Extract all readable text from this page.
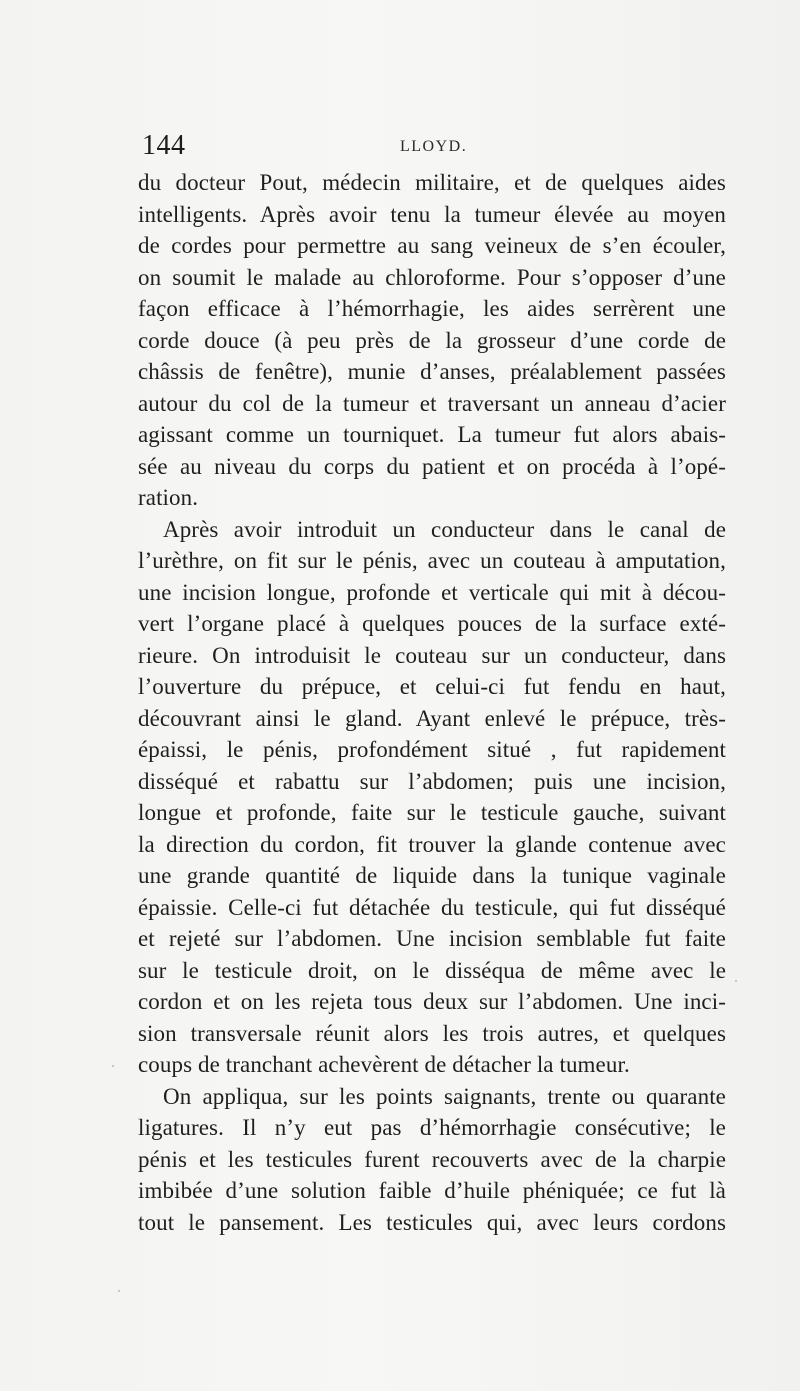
144	LLOYD.
du docteur Pout, médecin militaire, et de quelques aides
intelligents. Après avoir tenu la tumeur élevée au moyen
de cordes pour permettre au sang veineux de s’en écouler,
on soumit le malade au chloroforme. Pour s’opposer d’une
façon efficace à l’hémorrhagie, les aides serrèrent une
corde douce (à peu près de la grosseur d’une corde de
châssis de fenêtre), munie d’anses, préalablement passées
autour du col de la tumeur et traversant un anneau d’acier
agissant comme un tourniquet. La tumeur fut alors abais-
sée au niveau du corps du patient et on procéda à l’opé-
ration.
Après avoir introduit un conducteur dans le canal de
l’urèthre, on fit sur le pénis, avec un couteau à amputation,
une incision longue, profonde et verticale qui mit à décou-
vert l’organe placé à quelques pouces de la surface exté-
rieure. On introduisit le couteau sur un conducteur, dans
l’ouverture du prépuce, et celui-ci fut fendu en haut,
découvrant ainsi le gland. Ayant enlevé le prépuce, très-
épaissi, le pénis, profondément situé , fut rapidement
disséqué et rabattu sur l’abdomen; puis une incision,
longue et profonde, faite sur le testicule gauche, suivant
la direction du cordon, fit trouver la glande contenue avec
une grande quantité de liquide dans la tunique vaginale
épaissie. Celle-ci fut détachée du testicule, qui fut disséqué
et rejeté sur l’abdomen. Une incision semblable fut faite
sur le testicule droit, on le disséqua de même avec le
cordon et on les rejeta tous deux sur l’abdomen. Une inci-
sion transversale réunit alors les trois autres, et quelques
coups de tranchant achevèrent de détacher la tumeur.
On appliqua, sur les points saignants, trente ou quarante
ligatures. Il n’y eut pas d’hémorrhagie consécutive; le
pénis et les testicules furent recouverts avec de la charpie
imbibée d’une solution faible d’huile phéniquée; ce fut là
tout le pansement. Les testicules qui, avec leurs cordons
